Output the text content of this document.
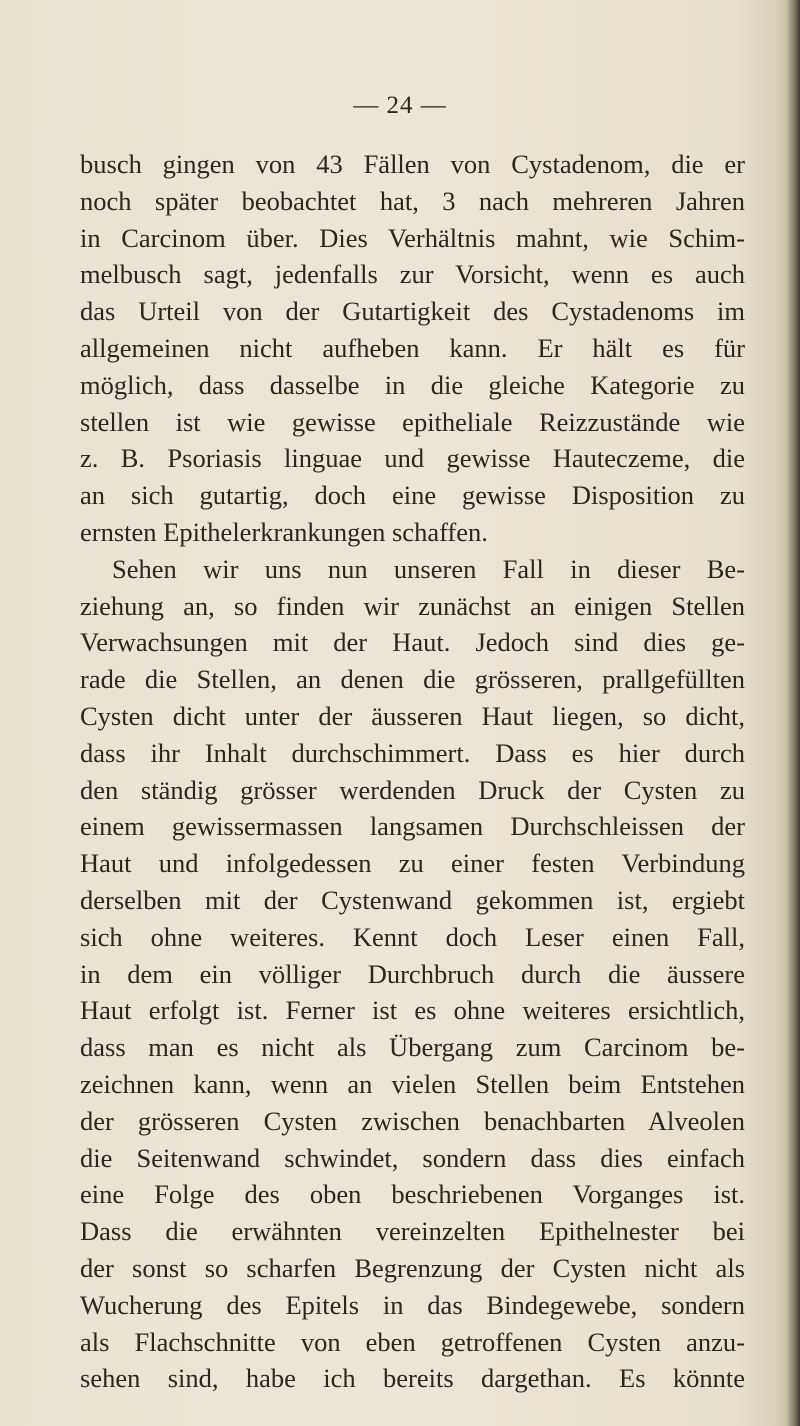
— 24 —
busch gingen von 43 Fällen von Cystadenom, die er
noch später beobachtet hat, 3 nach mehreren Jahren
in Carcinom über. Dies Verhältnis mahnt, wie Schim-
melbusch sagt, jedenfalls zur Vorsicht, wenn es auch
das Urteil von der Gutartigkeit des Cystadenoms im
allgemeinen nicht aufheben kann. Er hält es für
möglich, dass dasselbe in die gleiche Kategorie zu
stellen ist wie gewisse epitheliale Reizzustände wie
z. B. Psoriasis linguae und gewisse Hauteczeme, die
an sich gutartig, doch eine gewisse Disposition zu
ernsten Epithelerkrankungen schaffen.
Sehen wir uns nun unseren Fall in dieser Be-
ziehung an, so finden wir zunächst an einigen Stellen
Verwachsungen mit der Haut. Jedoch sind dies ge-
rade die Stellen, an denen die grösseren, prallgefüllten
Cysten dicht unter der äusseren Haut liegen, so dicht,
dass ihr Inhalt durchschimmert. Dass es hier durch
den ständig grösser werdenden Druck der Cysten zu
einem gewissermassen langsamen Durchschleissen der
Haut und infolgedessen zu einer festen Verbindung
derselben mit der Cystenwand gekommen ist, ergiebt
sich ohne weiteres. Kennt doch Leser einen Fall,
in dem ein völliger Durchbruch durch die äussere
Haut erfolgt ist. Ferner ist es ohne weiteres ersichtlich,
dass man es nicht als Übergang zum Carcinom be-
zeichnen kann, wenn an vielen Stellen beim Entstehen
der grösseren Cysten zwischen benachbarten Alveolen
die Seitenwand schwindet, sondern dass dies einfach
eine Folge des oben beschriebenen Vorganges ist.
Dass die erwähnten vereinzelten Epithelnester bei
der sonst so scharfen Begrenzung der Cysten nicht als
Wucherung des Epitels in das Bindegewebe, sondern
als Flachschnitte von eben getroffenen Cysten anzu-
sehen sind, habe ich bereits dargethan. Es könnte
